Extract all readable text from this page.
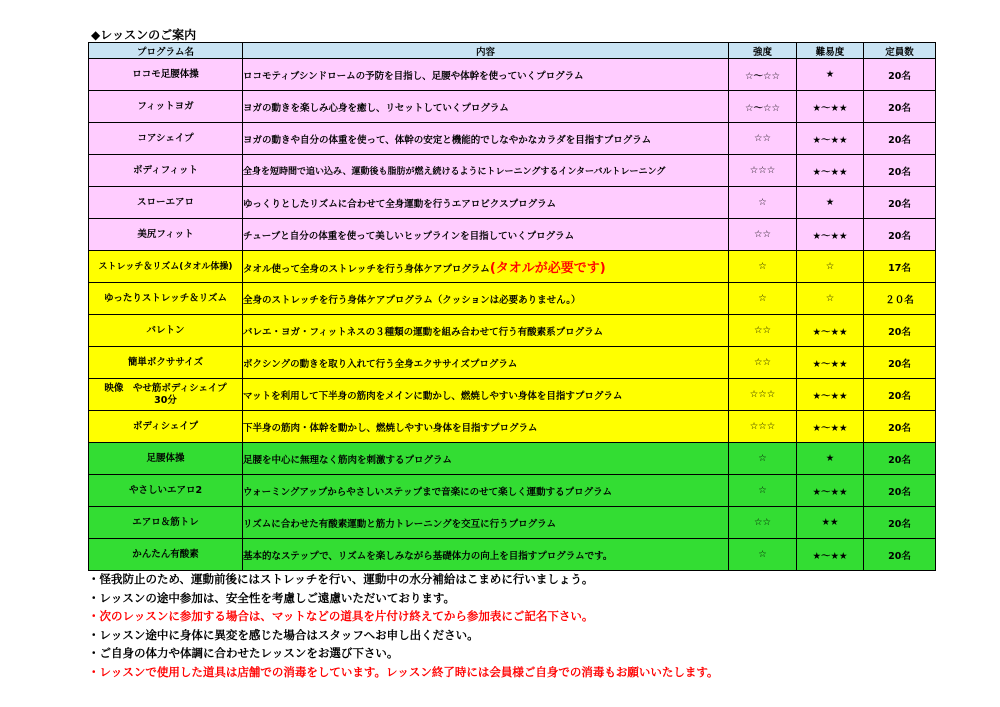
◆レッスンのご案内
プログラム名	内容	強度	難易度	定員数
ロコモ足腰体操	ロコモティブシンドロームの予防を目指し、足腰や体幹を使っていくプログラム	☆～☆☆	★	20名
フィットヨガ	ヨガの動きを楽しみ心身を癒し、リセットしていくプログラム	☆～☆☆	★～★★	20名
コアシェイプ	ヨガの動きや自分の体重を使って、体幹の安定と機能的でしなやかなカラダを目指すプログラム	☆☆	★～★★	20名
ボディフィット	全身を短時間で追い込み、運動後も脂肪が燃え続けるようにトレーニングするインターバルトレーニング	☆☆☆	★～★★	20名
スローエアロ	ゆっくりとしたリズムに合わせて全身運動を行うエアロビクスプログラム	☆	★	20名
美尻フィット	チューブと自分の体重を使って美しいヒップラインを目指していくプログラム	☆☆	★～★★	20名
ストレッチ＆リズム(タオル体操)	タオル使って全身のストレッチを行う身体ケアプログラム(タオルが必要です)	☆	☆	17名
ゆったりストレッチ＆リズム	全身のストレッチを行う身体ケアプログラム（クッションは必要ありません。）	☆	☆	２０名
バレトン	バレエ・ヨガ・フィットネスの３種類の運動を組み合わせて行う有酸素系プログラム	☆☆	★～★★	20名
簡単ボクササイズ	ボクシングの動きを取り入れて行う全身エクササイズプログラム	☆☆	★～★★	20名

映像　やせ筋ボディシェイプ
30分	マットを利用して下半身の筋肉をメインに動かし、燃焼しやすい身体を目指すプログラム	☆☆☆	★～★★	20名
ボディシェイプ	下半身の筋肉・体幹を動かし、燃焼しやすい身体を目指すプログラム	☆☆☆	★～★★	20名
足腰体操	足腰を中心に無理なく筋肉を刺激するプログラム	☆	★	20名
やさしいエアロ2	ウォーミングアップからやさしいステップまで音楽にのせて楽しく運動するプログラム	☆	★～★★	20名
エアロ＆筋トレ	リズムに合わせた有酸素運動と筋力トレーニングを交互に行うプログラム	☆☆	★★	20名
かんたん有酸素	基本的なステップで、リズムを楽しみながら基礎体力の向上を目指すプログラムです。	☆	★～★★	20名
・怪我防止のため、運動前後にはストレッチを行い、運動中の水分補給はこまめに行いましょう。
・レッスンの途中参加は、安全性を考慮しご遠慮いただいております。
・次のレッスンに参加する場合は、マットなどの道具を片付け終えてから参加表にご記名下さい。
・レッスン途中に身体に異変を感じた場合はスタッフへお申し出ください。
・ご自身の体力や体調に合わせたレッスンをお選び下さい。
・レッスンで使用した道具は店舗での消毒をしています。レッスン終了時には会員様ご自身での消毒もお願いいたします。
